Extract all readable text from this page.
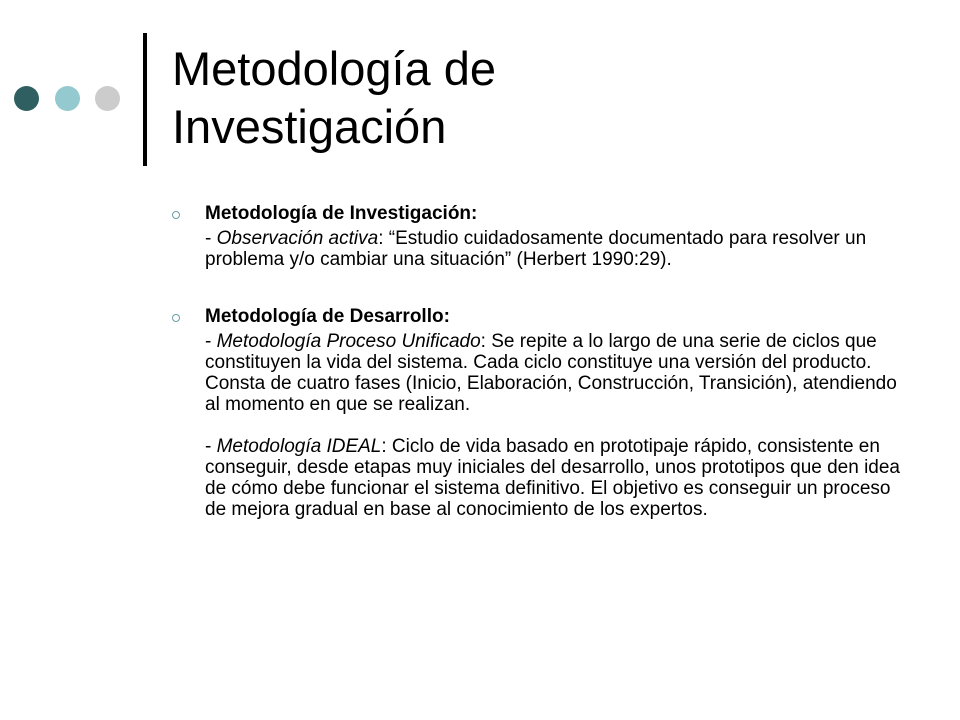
Metodología de
Investigación
Metodología de Investigación:

- Observación activa: “Estudio cuidadosamente documentado para resolver un problema y/o cambiar una situación” (Herbert 1990:29).

Metodología de Desarrollo:

- Metodología Proceso Unificado: Se repite a lo largo de una serie de ciclos que constituyen la vida del sistema. Cada ciclo constituye una versión del producto. Consta de cuatro fases (Inicio, Elaboración, Construcción, Transición), atendiendo al momento en que se realizan.

- Metodología IDEAL: Ciclo de vida basado en prototipaje rápido, consistente en conseguir, desde etapas muy iniciales del desarrollo, unos prototipos que den idea de cómo debe funcionar el sistema definitivo. El objetivo es conseguir un proceso de mejora gradual en base al conocimiento de los expertos.
